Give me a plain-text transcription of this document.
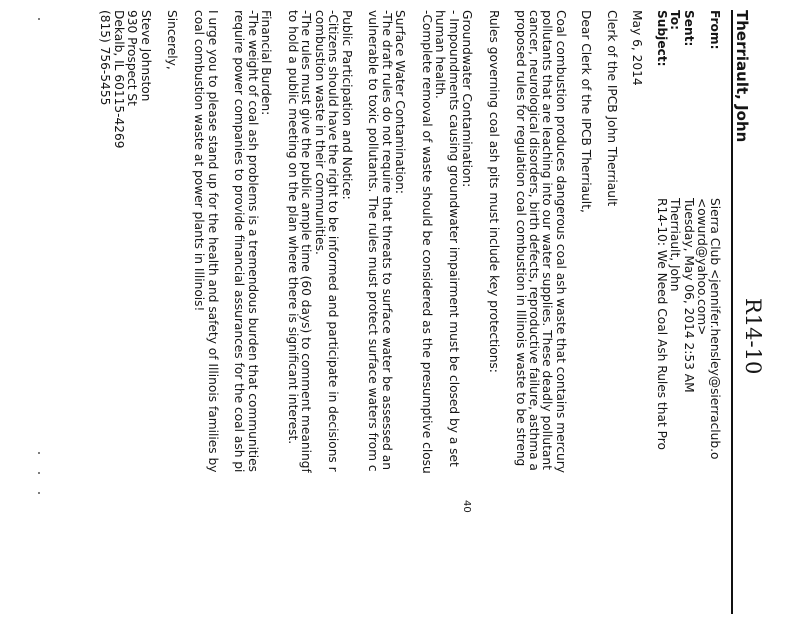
R14-10
Therriault, John
From:
Sierra Club <jennifer.hensley@sierraclub.o
<owurd@yahoo.com>
Sent:
Tuesday, May 06, 2014 2:53 AM
To:
Therriault, John
Subject:
R14-10: We Need Coal Ash Rules that Pro
May 6, 2014
Clerk of the IPCB John Therriault
Dear Clerk of the IPCB Therriault,
Coal combustion produces dangerous coal ash waste that contains mercury
pollutants that are leaching into our water supplies. These deadly pollutant
cancer, neurological disorders, birth defects, reproductive failure, asthma a
proposed rules for regulation coal combustion in Illinois waste to be streng
Rules governing coal ash pits must include key protections:
Groundwater Contamination:
- Impoundments causing groundwater impairment must be closed by a set
human health.
-Complete removal of waste should be considered as the presumptive closu
Surface Water Contamination:
-The draft rules do not require that threats to surface water be assessed an
vulnerable to toxic pollutants. The rules must protect surface waters from c
Public Participation and Notice:
-Citizens should have the right to be informed and participate in decisions r
combustion waste in their communities.
-The rules must give the public ample time (60 days) to comment meaningf
to hold a public meeting on the plan where there is significant interest.
Financial Burden:
-The weight of coal ash problems is a tremendous burden that communities
require power companies to provide financial assurances for the coal ash pi
I urge you to please stand up for the health and safety of Illinois families by
coal combustion waste at power plants in Illinois!
Sincerely,
Steve Johnston
930 Prospect St
Dekalb, IL 60115-4269
(815) 756-5455
40
